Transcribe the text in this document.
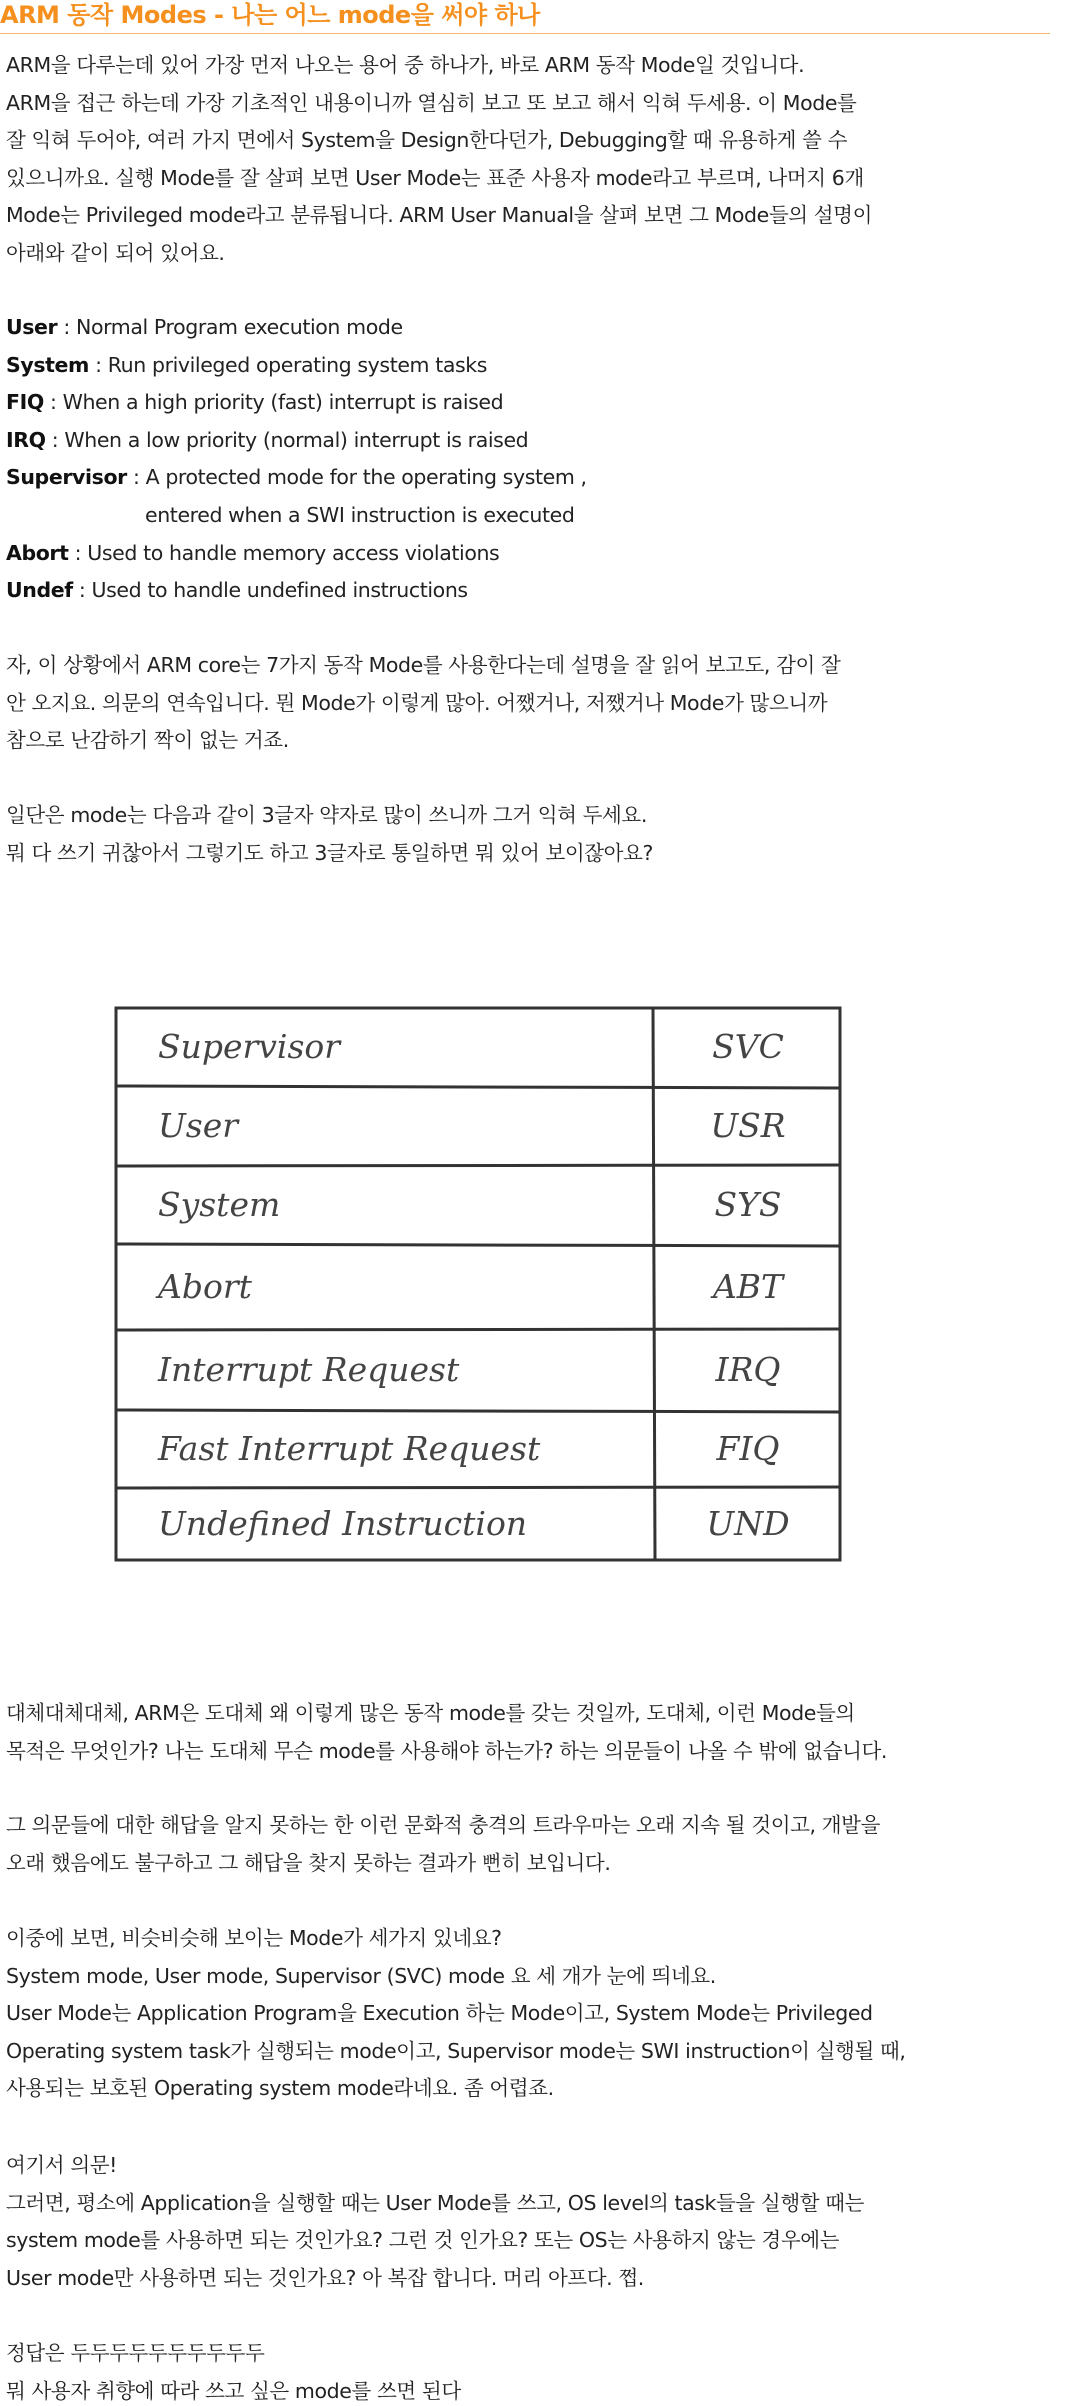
ARM 동작 Modes - 나는 어느 mode을 써야 하나
ARM을 다루는데 있어 가장 먼저 나오는 용어 중 하나가, 바로 ARM 동작 Mode일 것입니다.
ARM을 접근 하는데 가장 기초적인 내용이니까 열심히 보고 또 보고 해서 익혀 두세용. 이 Mode를
잘 익혀 두어야, 여러 가지 면에서 System을 Design한다던가, Debugging할 때 유용하게 쓸 수
있으니까요. 실행 Mode를 잘 살펴 보면 User Mode는 표준 사용자 mode라고 부르며, 나머지 6개
Mode는 Privileged mode라고 분류됩니다. ARM User Manual을 살펴 보면 그 Mode들의 설명이
아래와 같이 되어 있어요.
User : Normal Program execution mode
System : Run privileged operating system tasks
FIQ : When a high priority (fast) interrupt is raised
IRQ : When a low priority (normal) interrupt is raised
Supervisor : A protected mode for the operating system ,
entered when a SWI instruction is executed
Abort : Used to handle memory access violations
Undef : Used to handle undefined instructions
자, 이 상황에서 ARM core는 7가지 동작 Mode를 사용한다는데 설명을 잘 읽어 보고도, 감이 잘
안 오지요. 의문의 연속입니다. 뭔 Mode가 이렇게 많아. 어쨌거나, 저쨌거나 Mode가 많으니까
참으로 난감하기 짝이 없는 거죠.
일단은 mode는 다음과 같이 3글자 약자로 많이 쓰니까 그거 익혀 두세요.
뭐 다 쓰기 귀찮아서 그렇기도 하고 3글자로 통일하면 뭐 있어 보이잖아요?
대체대체대체, ARM은 도대체 왜 이렇게 많은 동작 mode를 갖는 것일까, 도대체, 이런 Mode들의
목적은 무엇인가? 나는 도대체 무슨 mode를 사용해야 하는가? 하는 의문들이 나올 수 밖에 없습니다.
그 의문들에 대한 해답을 알지 못하는 한 이런 문화적 충격의 트라우마는 오래 지속 될 것이고, 개발을
오래 했음에도 불구하고 그 해답을 찾지 못하는 결과가 뻔히 보입니다.
이중에 보면, 비슷비슷해 보이는 Mode가 세가지 있네요?
System mode, User mode, Supervisor (SVC) mode 요 세 개가 눈에 띄네요.
User Mode는 Application Program을 Execution 하는 Mode이고, System Mode는 Privileged
Operating system task가 실행되는 mode이고, Supervisor mode는 SWI instruction이 실행될 때,
사용되는 보호된 Operating system mode라네요. 좀 어렵죠.
여기서 의문!
그러면, 평소에 Application을 실행할 때는 User Mode를 쓰고, OS level의 task들을 실행할 때는
system mode를 사용하면 되는 것인가요? 그런 것 인가요? 또는 OS는 사용하지 않는 경우에는
User mode만 사용하면 되는 것인가요? 아 복잡 합니다. 머리 아프다. 쩝.
정답은 두두두두두두두두두두
뭐 사용자 취향에 따라 쓰고 싶은 mode를 쓰면 된다
Supervisor	SVC
User	USR
System	SYS
Abort	ABT
Interrupt Request	IRQ
Fast Interrupt Request	FIQ
Undefined Instruction	UND
